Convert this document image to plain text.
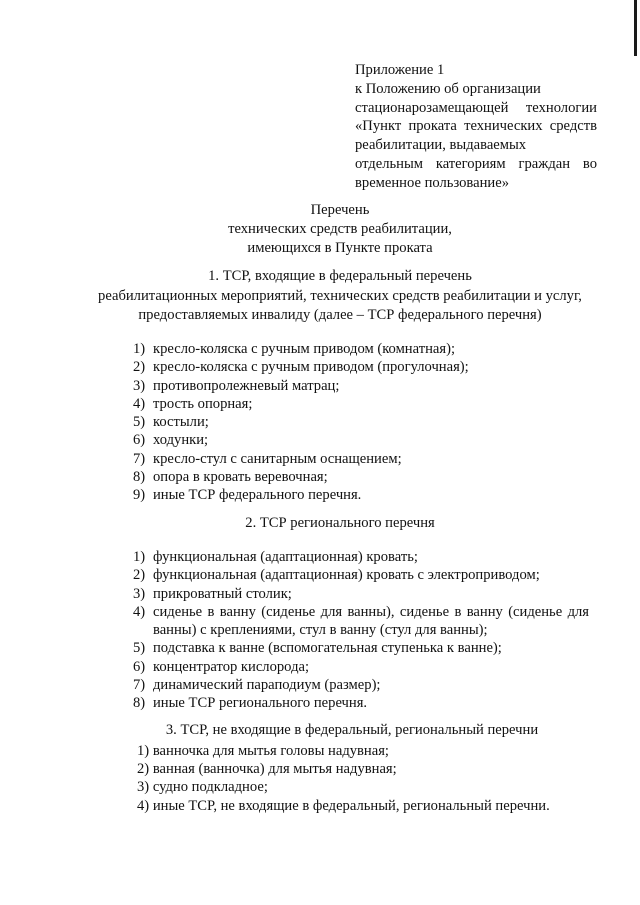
Приложение 1
к Положению об организации
стационарозамещающей технологии
«Пункт проката технических средств
реабилитации, выдаваемых
отдельным категориям граждан во
временное пользование»
Перечень
технических средств реабилитации,
имеющихся в Пункте проката
1. ТСР, входящие в федеральный перечень
реабилитационных мероприятий, технических средств реабилитации и услуг,
предоставляемых инвалиду (далее – ТСР федерального перечня)
1) кресло-коляска с ручным приводом (комнатная);
2) кресло-коляска с ручным приводом (прогулочная);
3) противопролежневый матрац;
4) трость опорная;
5) костыли;
6) ходунки;
7) кресло-стул с санитарным оснащением;
8) опора в кровать веревочная;
9) иные ТСР федерального перечня.
2. ТСР регионального перечня
1) функциональная (адаптационная) кровать;
2) функциональная (адаптационная) кровать с электроприводом;
3) прикроватный столик;
4) сиденье в ванну (сиденье для ванны), сиденье в ванну (сиденье для ванны) с креплениями, стул в ванну (стул для ванны);
5) подставка к ванне (вспомогательная ступенька к ванне);
6) концентратор кислорода;
7) динамический параподиум (размер);
8) иные ТСР регионального перечня.
3. ТСР, не входящие в федеральный, региональный перечни
1) ванночка для мытья головы надувная;
2) ванная (ванночка) для мытья надувная;
3) судно подкладное;
4) иные ТСР, не входящие в федеральный, региональный перечни.
